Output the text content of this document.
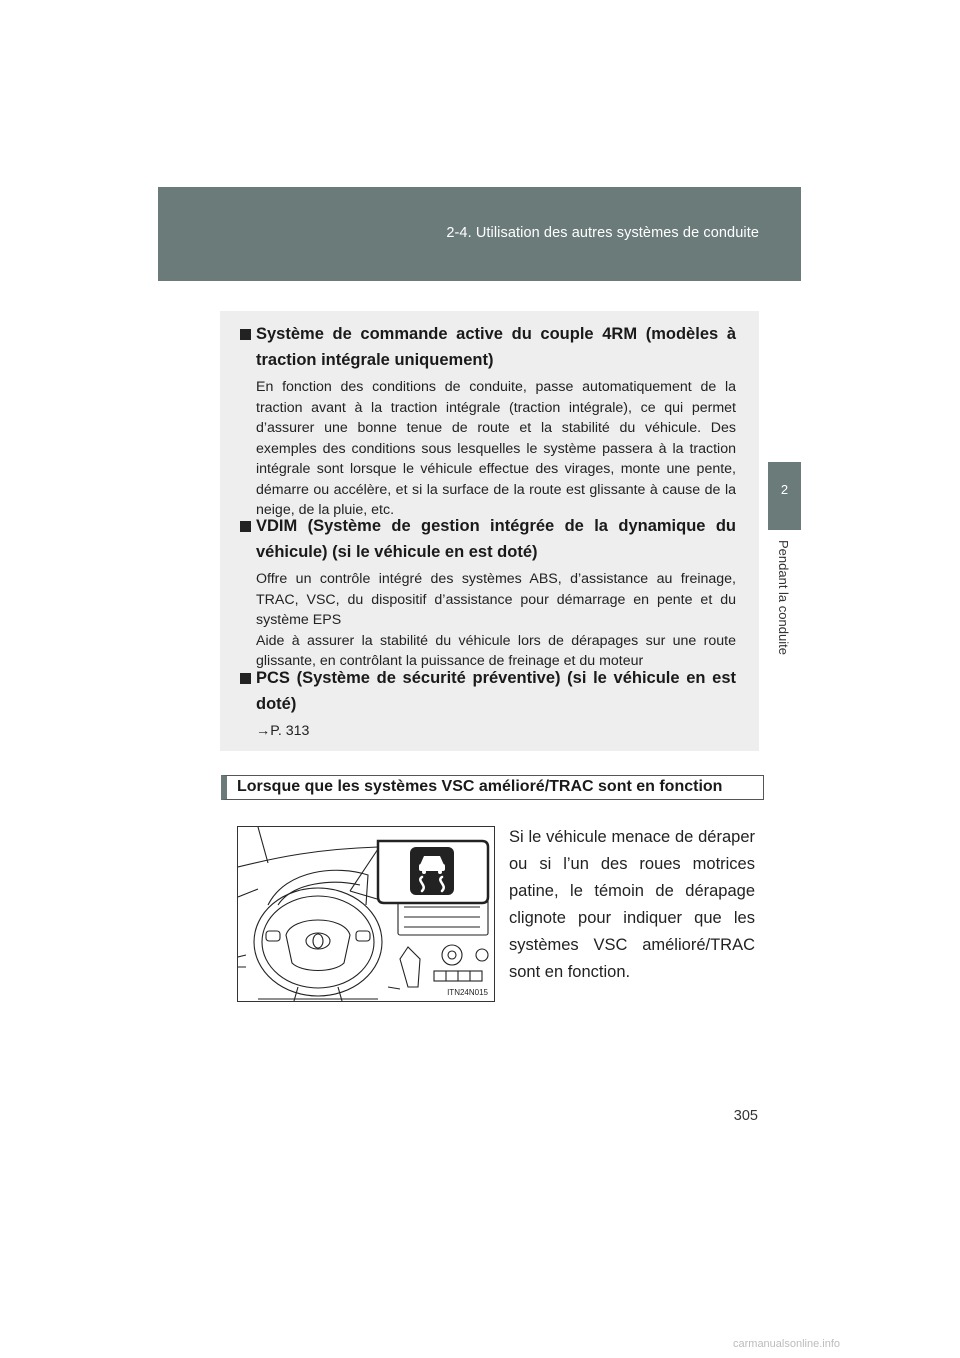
2-4. Utilisation des autres systèmes de conduite
2
Pendant la conduite
Système de commande active du couple 4RM (modèles à traction intégrale uniquement)

En fonction des conditions de conduite, passe automatiquement de la traction avant à la traction intégrale (traction intégrale), ce qui permet d’assurer une bonne tenue de route et la stabilité du véhicule. Des exemples des conditions sous lesquelles le système passera à la traction intégrale sont lorsque le véhicule effectue des virages, monte une pente, démarre ou accélère, et si la surface de la route est glissante à cause de la neige, de la pluie, etc.

VDIM (Système de gestion intégrée de la dynamique du véhicule) (si le véhicule en est doté)

Offre un contrôle intégré des systèmes ABS, d’assistance au freinage, TRAC, VSC, du dispositif d’assistance pour démarrage en pente et du système EPS

Aide à assurer la stabilité du véhicule lors de dérapages sur une route glissante, en contrôlant la puissance de freinage et du moteur

PCS (Système de sécurité préventive) (si le véhicule en est doté)

→P. 313

Lorsque que les systèmes VSC amélioré/TRAC sont en fonction
ITN24N015
Si le véhicule menace de déraper ou si l’un des roues motrices patine, le témoin de dérapage clignote pour indiquer que les systèmes VSC amélioré/TRAC sont en fonction.
305
carmanualsonline.info
